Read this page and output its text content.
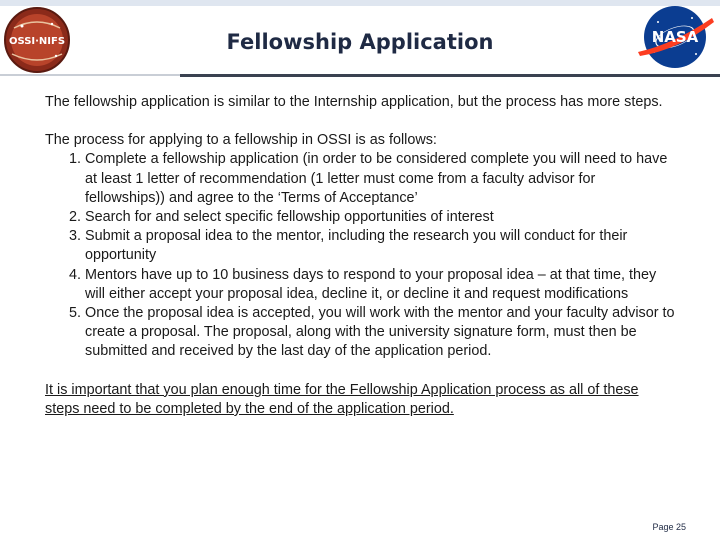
OSSI·NIFS	NASA
Fellowship Application

The fellowship application is similar to the Internship application, but the process has more steps.

The process for applying to a fellowship in OSSI is as follows:

1. Complete a fellowship application (in order to be considered complete you will need to have at least 1 letter of recommendation (1 letter must come from a faculty advisor for fellowships)) and agree to the ‘Terms of Acceptance’
2. Search for and select specific fellowship opportunities of interest
3. Submit a proposal idea to the mentor, including the research you will conduct for their opportunity
4. Mentors have up to 10 business days to respond to your proposal idea – at that time, they will either accept your proposal idea, decline it, or decline it and request modifications
5. Once the proposal idea is accepted, you will work with the mentor and your faculty advisor to create a proposal. The proposal, along with the university signature form, must then be submitted and received by the last day of the application period.

It is important that you plan enough time for the Fellowship Application process as all of these steps need to be completed by the end of the application period.

Page 25
